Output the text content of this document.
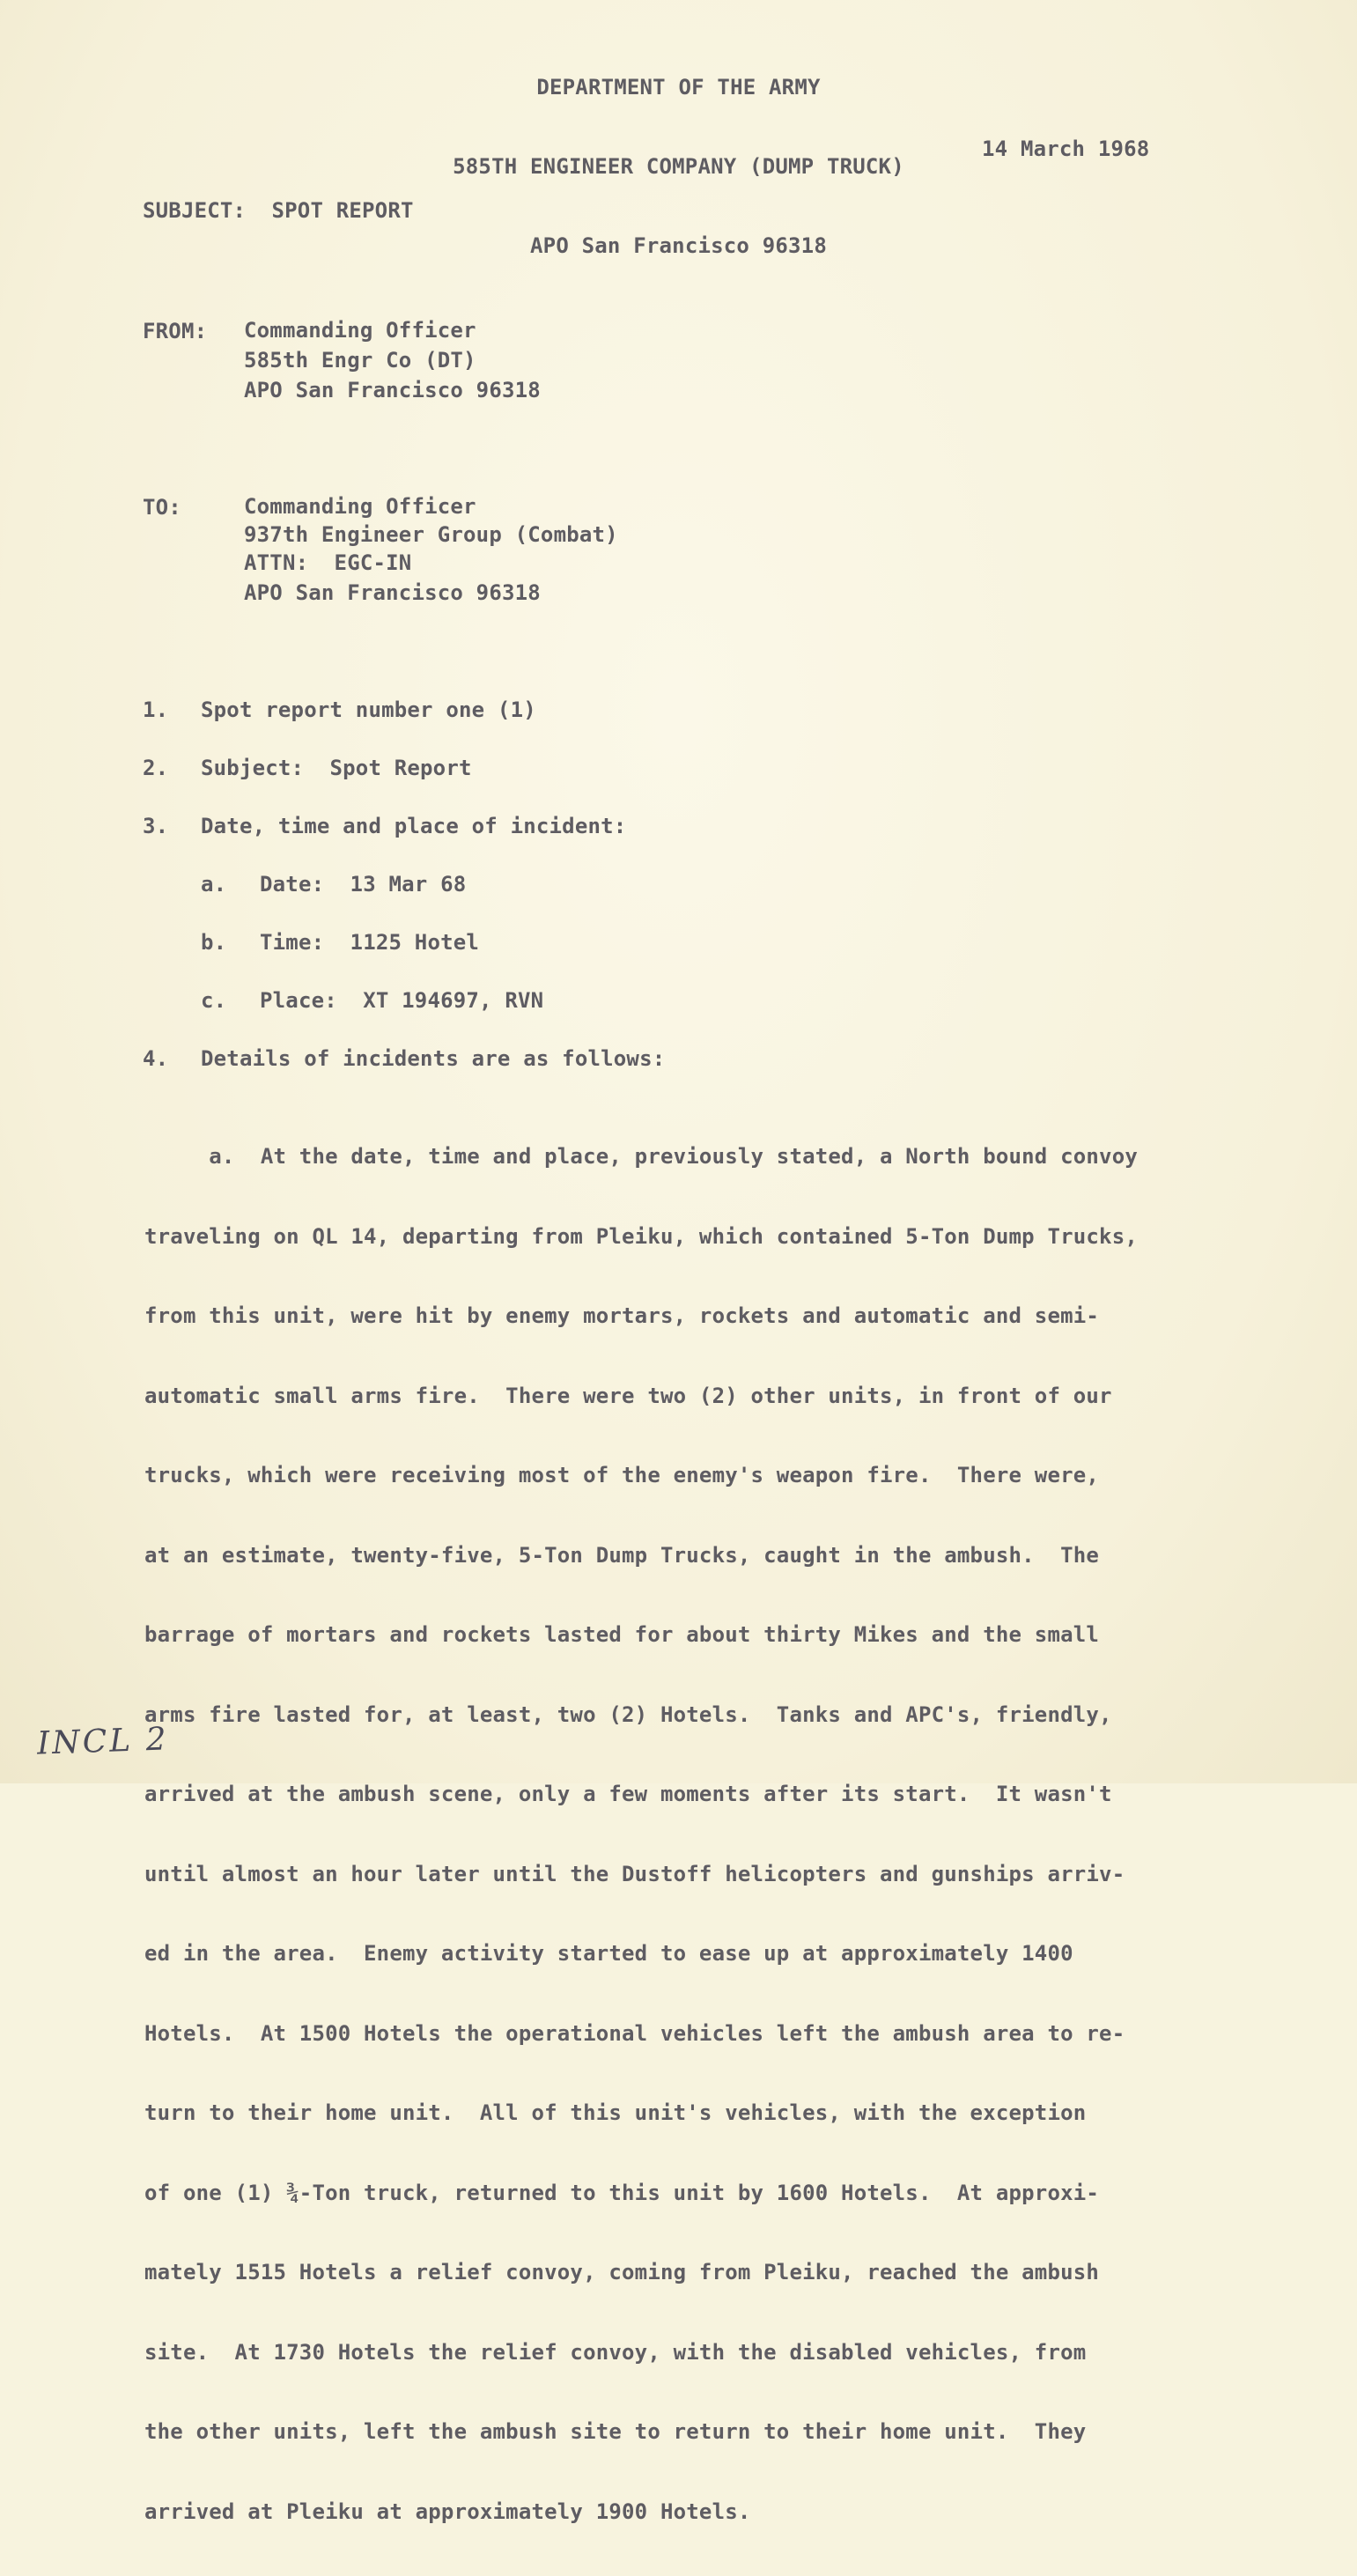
DEPARTMENT OF THE ARMY

585TH ENGINEER COMPANY (DUMP TRUCK)

APO San Francisco 96318

14 March 1968
SUBJECT:  SPOT REPORT
FROM: Commanding Officer
585th Engr Co (DT)
APO San Francisco 96318
TO:	Commanding Officer
937th Engineer Group (Combat)
ATTN:  EGC-IN
APO San Francisco 96318
1. Spot report number one (1)
2. Subject:  Spot Report
3. Date, time and place of incident:
a. Date:  13 Mar 68
b. Time:  1125 Hotel
c. Place:  XT 194697, RVN
4. Details of incidents are as follows:

a.  At the date, time and place, previously stated, a North bound convoy

traveling on QL 14, departing from Pleiku, which contained 5-Ton Dump Trucks,

from this unit, were hit by enemy mortars, rockets and automatic and semi-

automatic small arms fire.  There were two (2) other units, in front of our

trucks, which were receiving most of the enemy's weapon fire.  There were,

at an estimate, twenty-five, 5-Ton Dump Trucks, caught in the ambush.  The

barrage of mortars and rockets lasted for about thirty Mikes and the small

arms fire lasted for, at least, two (2) Hotels.  Tanks and APC's, friendly,

arrived at the ambush scene, only a few moments after its start.  It wasn't

until almost an hour later until the Dustoff helicopters and gunships arriv-

ed in the area.  Enemy activity started to ease up at approximately 1400

Hotels.  At 1500 Hotels the operational vehicles left the ambush area to re-

turn to their home unit.  All of this unit's vehicles, with the exception

of one (1) ¾-Ton truck, returned to this unit by 1600 Hotels.  At approxi-

mately 1515 Hotels a relief convoy, coming from Pleiku, reached the ambush

site.  At 1730 Hotels the relief convoy, with the disabled vehicles, from

the other units, left the ambush site to return to their home unit.  They

arrived at Pleiku at approximately 1900 Hotels.

INCL 2
